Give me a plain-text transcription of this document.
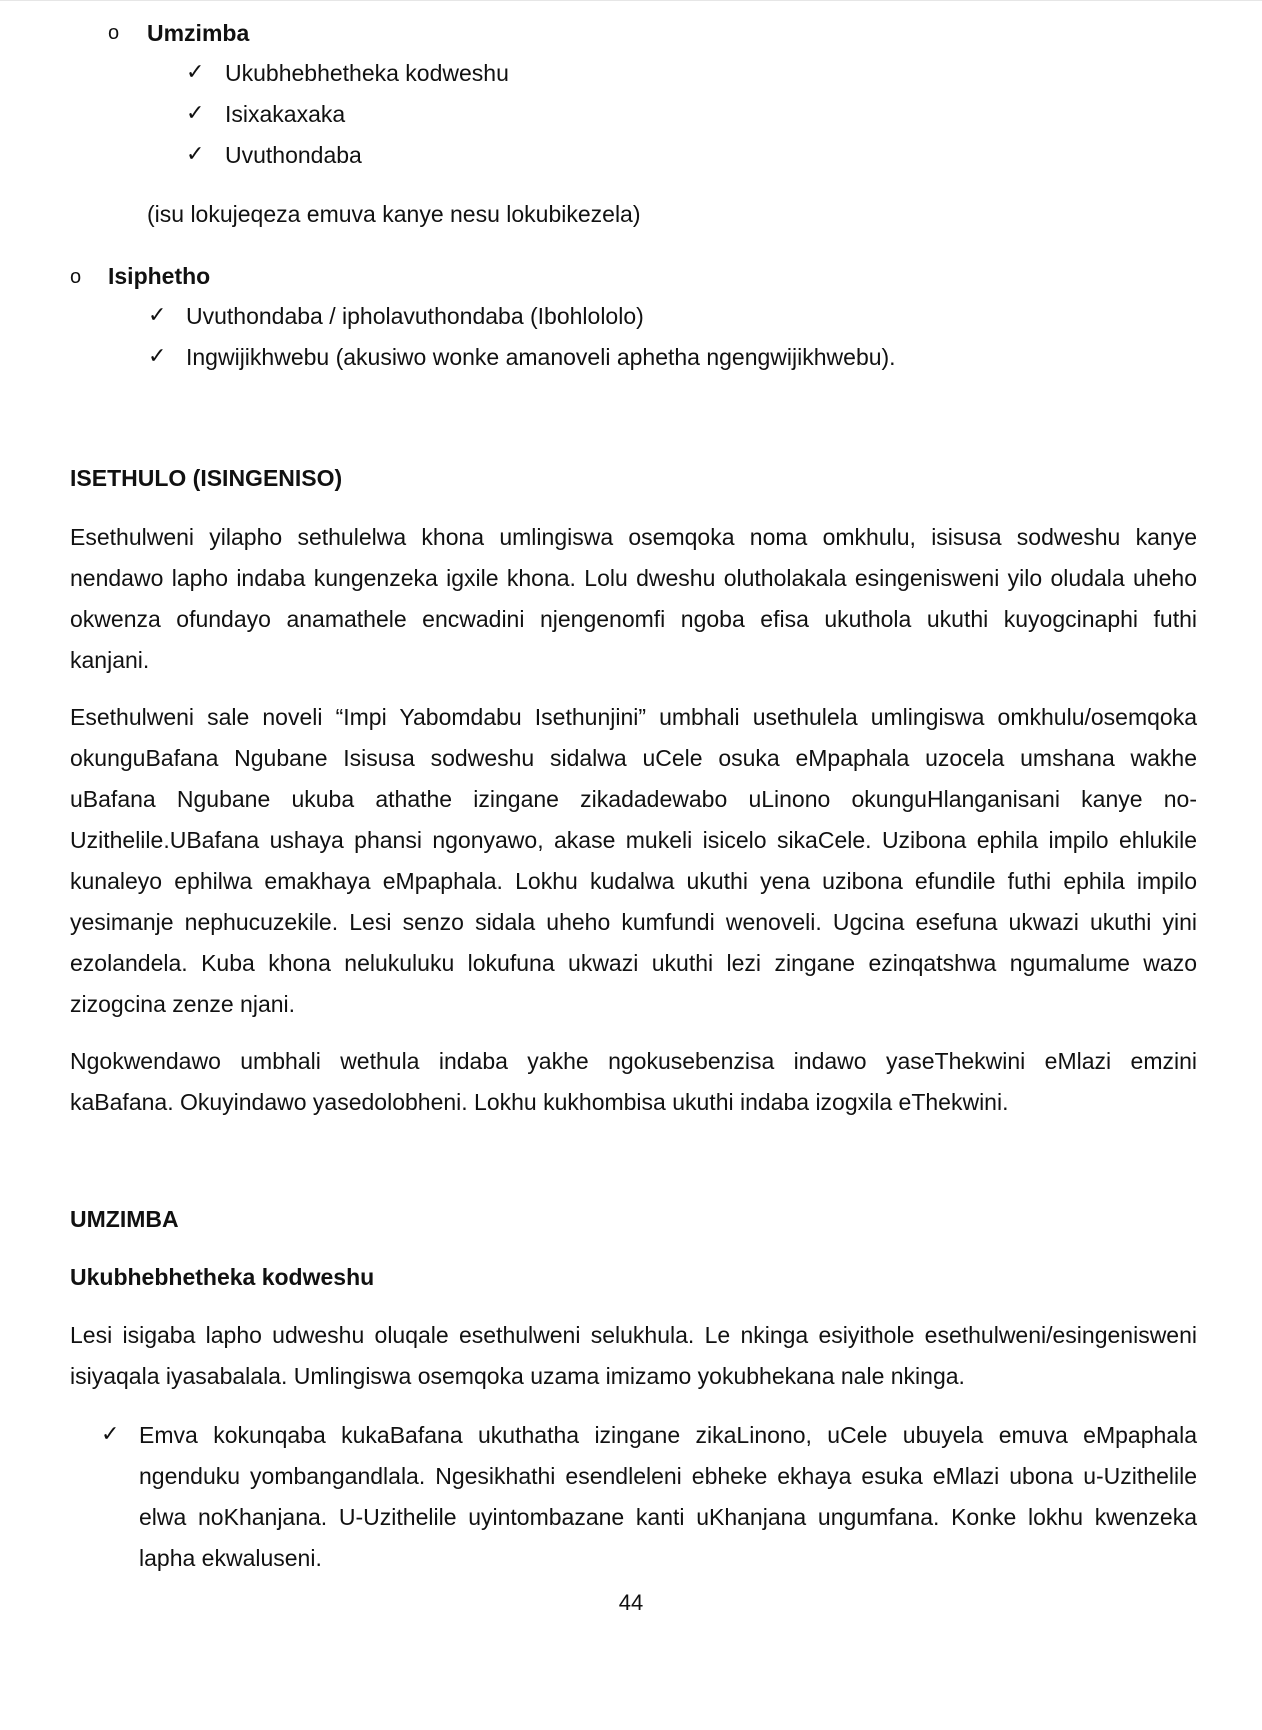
o Umzimba
✓ Ukubhebhetheka kodweshu
✓ Isixakaxaka
✓ Uvuthondaba
(isu lokujeqeza emuva kanye nesu lokubikezela)
o Isiphetho
✓ Uvuthondaba / ipholavuthondaba (Ibohlololo)
✓ Ingwijikhwebu (akusiwo wonke amanoveli aphetha ngengwijikhwebu).
ISETHULO (ISINGENISO)
Esethulweni yilapho sethulelwa khona umlingiswa osemqoka noma omkhulu, isisusa sodweshu kanye
nendawo lapho indaba kungenzeka igxile khona. Lolu dweshu olutholakala esingenisweni yilo oludala uheho
okwenza ofundayo anamathele encwadini njengenomfi ngoba efisa ukuthola ukuthi kuyogcinaphi futhi
kanjani.
Esethulweni sale noveli “Impi Yabomdabu Isethunjini” umbhali usethulela umlingiswa omkhulu/osemqoka
okunguBafana Ngubane Isisusa sodweshu sidalwa uCele osuka eMpaphala uzocela umshana wakhe
uBafana Ngubane ukuba athathe izingane zikadadewabo uLinono okunguHlanganisani kanye no-
Uzithelile.UBafana ushaya phansi ngonyawo, akase mukeli isicelo sikaCele. Uzibona ephila impilo ehlukile
kunaleyo ephilwa emakhaya eMpaphala. Lokhu kudalwa ukuthi yena uzibona efundile futhi ephila impilo
yesimanje nephucuzekile. Lesi senzo sidala uheho kumfundi wenoveli. Ugcina esefuna ukwazi ukuthi yini
ezolandela. Kuba khona nelukuluku lokufuna ukwazi ukuthi lezi zingane ezinqatshwa ngumalume wazo
zizogcina zenze njani.
Ngokwendawo umbhali wethula indaba yakhe ngokusebenzisa indawo yaseThekwini eMlazi emzini
kaBafana. Okuyindawo yasedolobheni. Lokhu kukhombisa ukuthi indaba izogxila eThekwini.
UMZIMBA
Ukubhebhetheka kodweshu
Lesi isigaba lapho udweshu oluqale esethulweni selukhula. Le nkinga esiyithole esethulweni/esingenisweni
isiyaqala iyasabalala. Umlingiswa osemqoka uzama imizamo yokubhekana nale nkinga.
✓ Emva kokunqaba kukaBafana ukuthatha izingane zikaLinono, uCele ubuyela emuva eMpaphala
ngenduku yombangandlala. Ngesikhathi esendleleni ebheke ekhaya esuka eMlazi ubona u-Uzithelile
elwa noKhanjana. U-Uzithelile uyintombazane kanti uKhanjana ungumfana. Konke lokhu kwenzeka
lapha ekwaluseni.
44
